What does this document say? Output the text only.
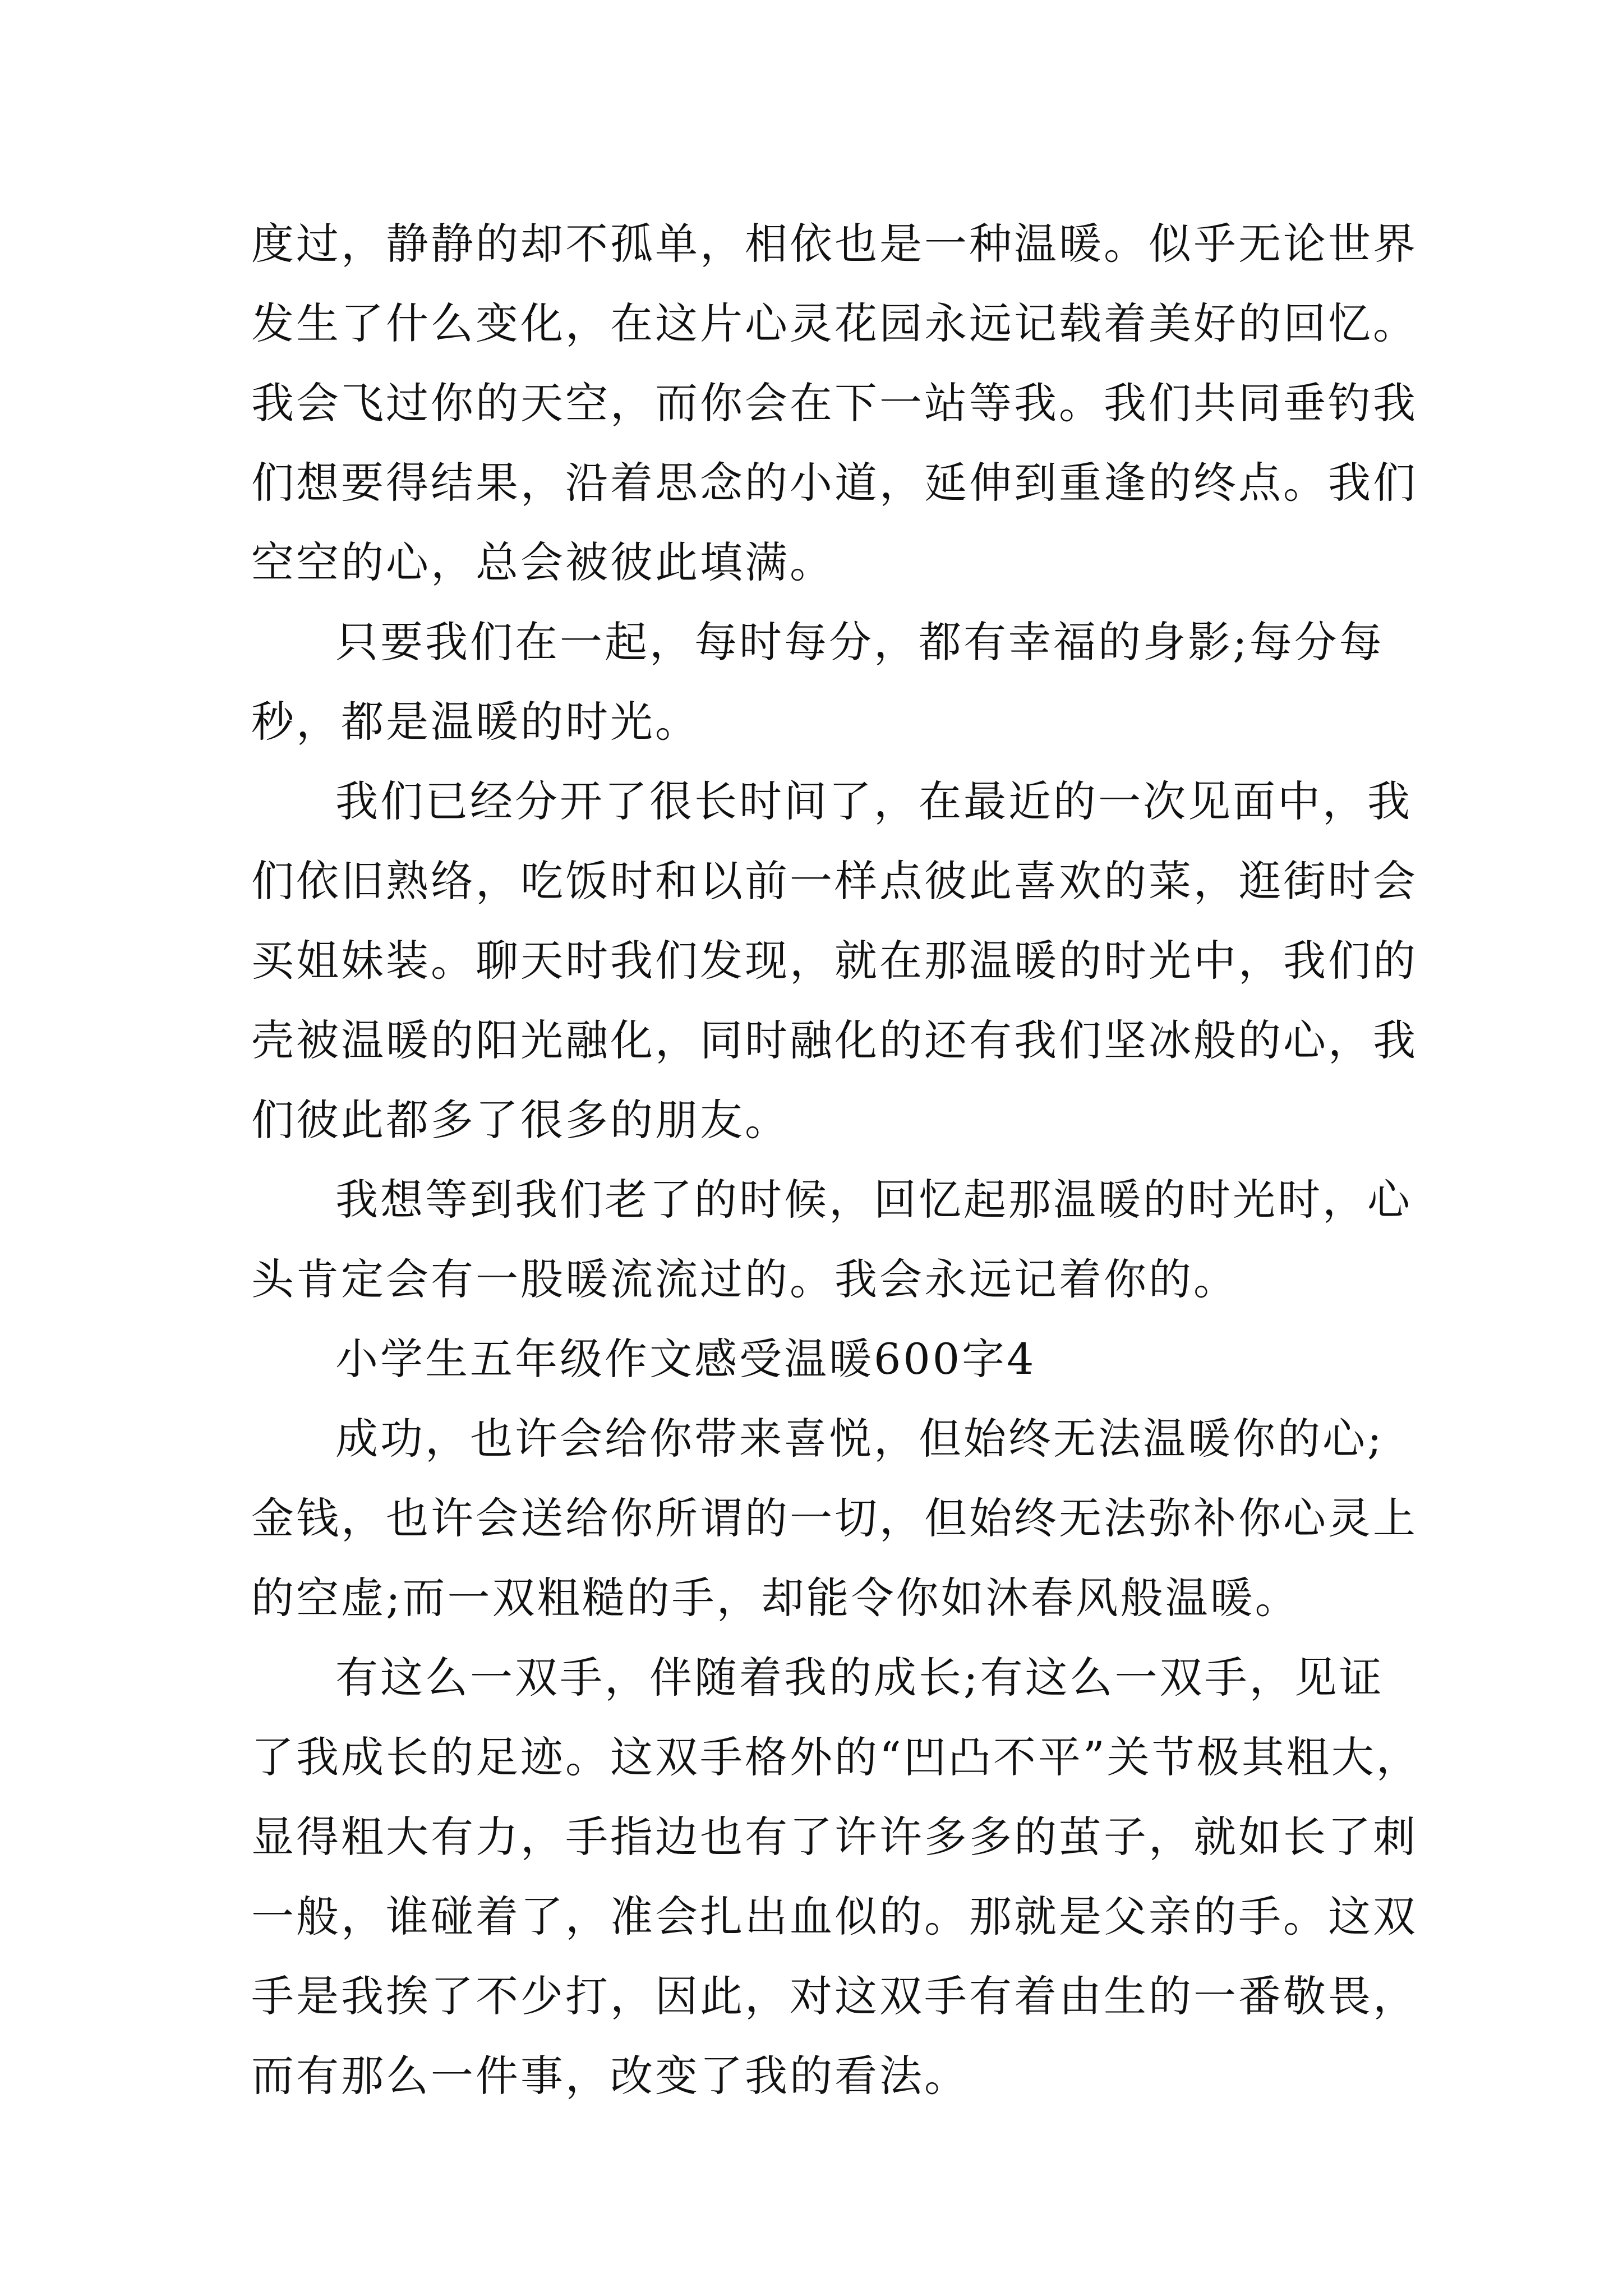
度过，静静的却不孤单，相依也是一种温暖。似乎无论世界
发生了什么变化，在这片心灵花园永远记载着美好的回忆。
我会飞过你的天空，而你会在下一站等我。我们共同垂钓我
们想要得结果，沿着思念的小道，延伸到重逢的终点。我们
空空的心，总会被彼此填满。
只要我们在一起，每时每分，都有幸福的身影;每分每
秒，都是温暖的时光。
我们已经分开了很长时间了，在最近的一次见面中，我
们依旧熟络，吃饭时和以前一样点彼此喜欢的菜，逛街时会
买姐妹装。聊天时我们发现，就在那温暖的时光中，我们的
壳被温暖的阳光融化，同时融化的还有我们坚冰般的心，我
们彼此都多了很多的朋友。
我想等到我们老了的时候，回忆起那温暖的时光时，心
头肯定会有一股暖流流过的。我会永远记着你的。
小学生五年级作文感受温暖600字4
成功，也许会给你带来喜悦，但始终无法温暖你的心;
金钱，也许会送给你所谓的一切，但始终无法弥补你心灵上
的空虚;而一双粗糙的手，却能令你如沐春风般温暖。
有这么一双手，伴随着我的成长;有这么一双手，见证
了我成长的足迹。这双手格外的“凹凸不平”关节极其粗大，
显得粗大有力，手指边也有了许许多多的茧子，就如长了刺
一般，谁碰着了，准会扎出血似的。那就是父亲的手。这双
手是我挨了不少打，因此，对这双手有着由生的一番敬畏，
而有那么一件事，改变了我的看法。
